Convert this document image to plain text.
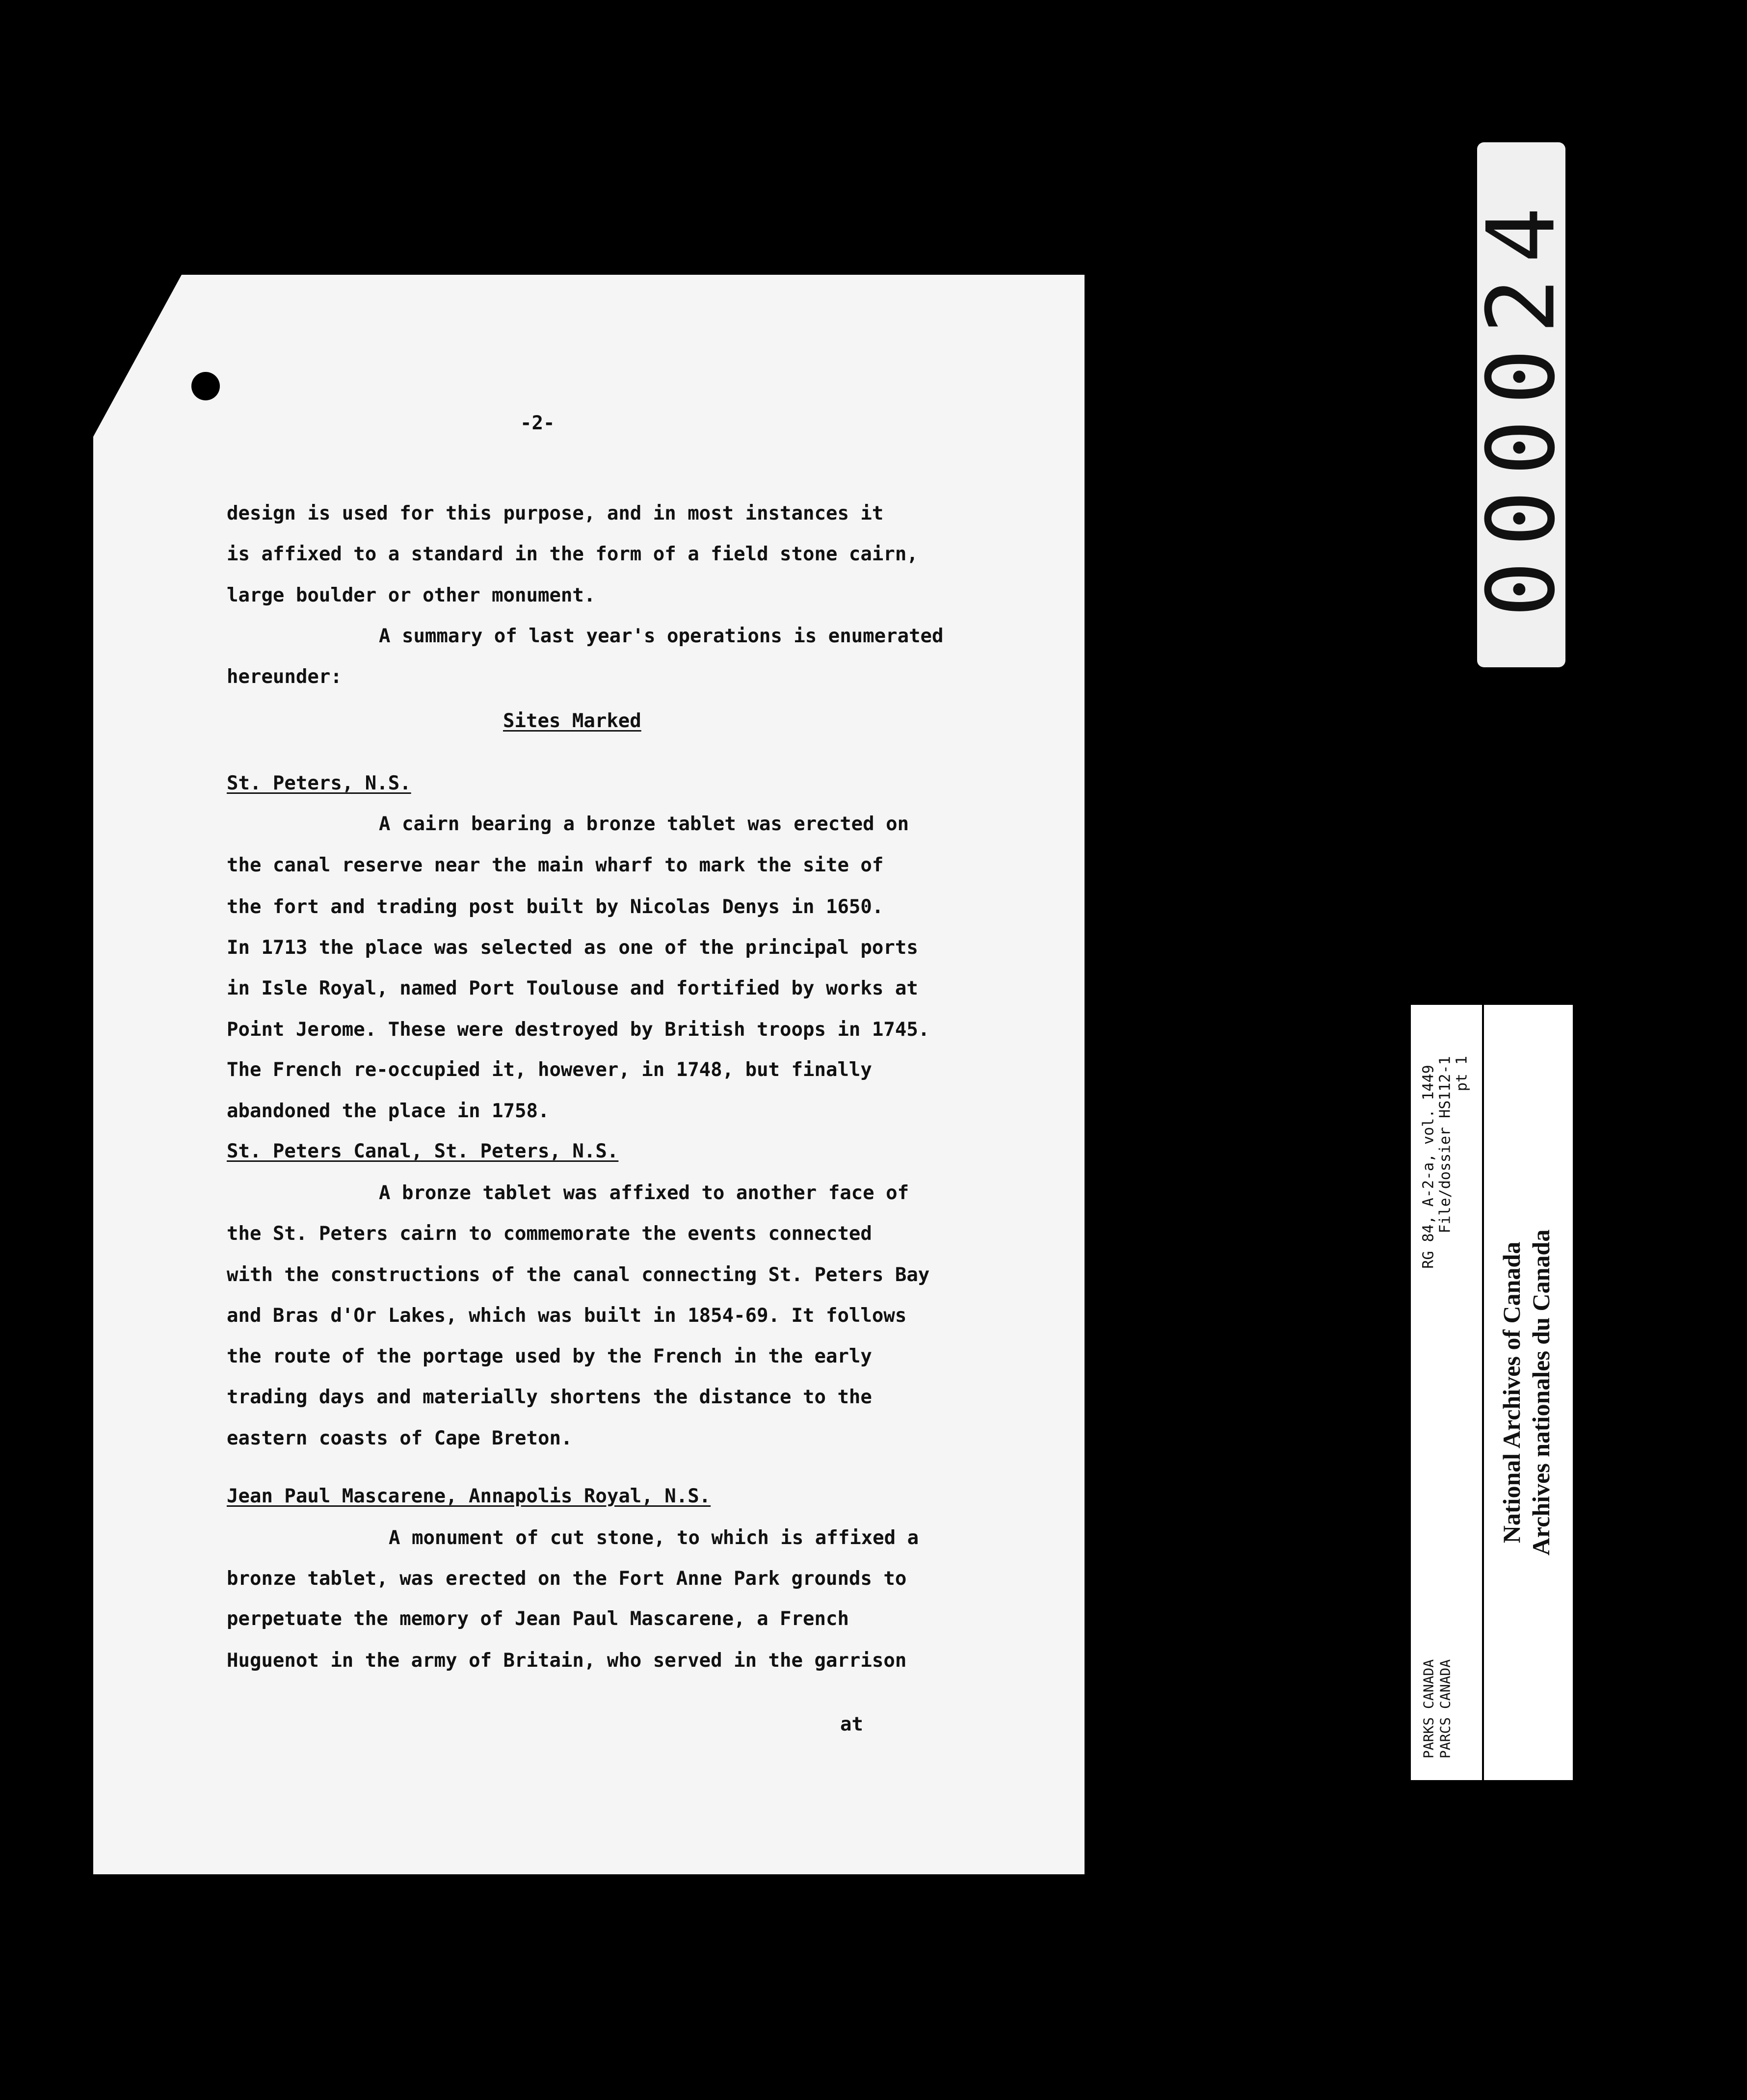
-2-
design is used for this purpose, and in most instances it
is affixed to a standard in the form of a field stone cairn,
large boulder or other monument.
A summary of last year's operations is enumerated
hereunder:
Sites Marked
St. Peters, N.S.
A cairn bearing a bronze tablet was erected on
the canal reserve near the main wharf to mark the site of
the fort and trading post built by Nicolas Denys in 1650.
In 1713 the place was selected as one of the principal ports
in Isle Royal, named Port Toulouse and fortified by works at
Point Jerome. These were destroyed by British troops in 1745.
The French re-occupied it, however, in 1748, but finally
abandoned the place in 1758.
St. Peters Canal, St. Peters, N.S.
A bronze tablet was affixed to another face of
the St. Peters cairn to commemorate the events connected
with the constructions of the canal connecting St. Peters Bay
and Bras d'Or Lakes, which was built in 1854-69. It follows
the route of the portage used by the French in the early
trading days and materially shortens the distance to the
eastern coasts of Cape Breton.
Jean Paul Mascarene, Annapolis Royal, N.S.
A monument of cut stone, to which is affixed a
bronze tablet, was erected on the Fort Anne Park grounds to
perpetuate the memory of Jean Paul Mascarene, a French
Huguenot in the army of Britain, who served in the garrison
at
000024
RG 84, A-2-a, vol. 1449 File/dossier HS112-1 pt 1
PARKS CANADA PARCS CANADA
National Archives of Canada Archives nationales du Canada
